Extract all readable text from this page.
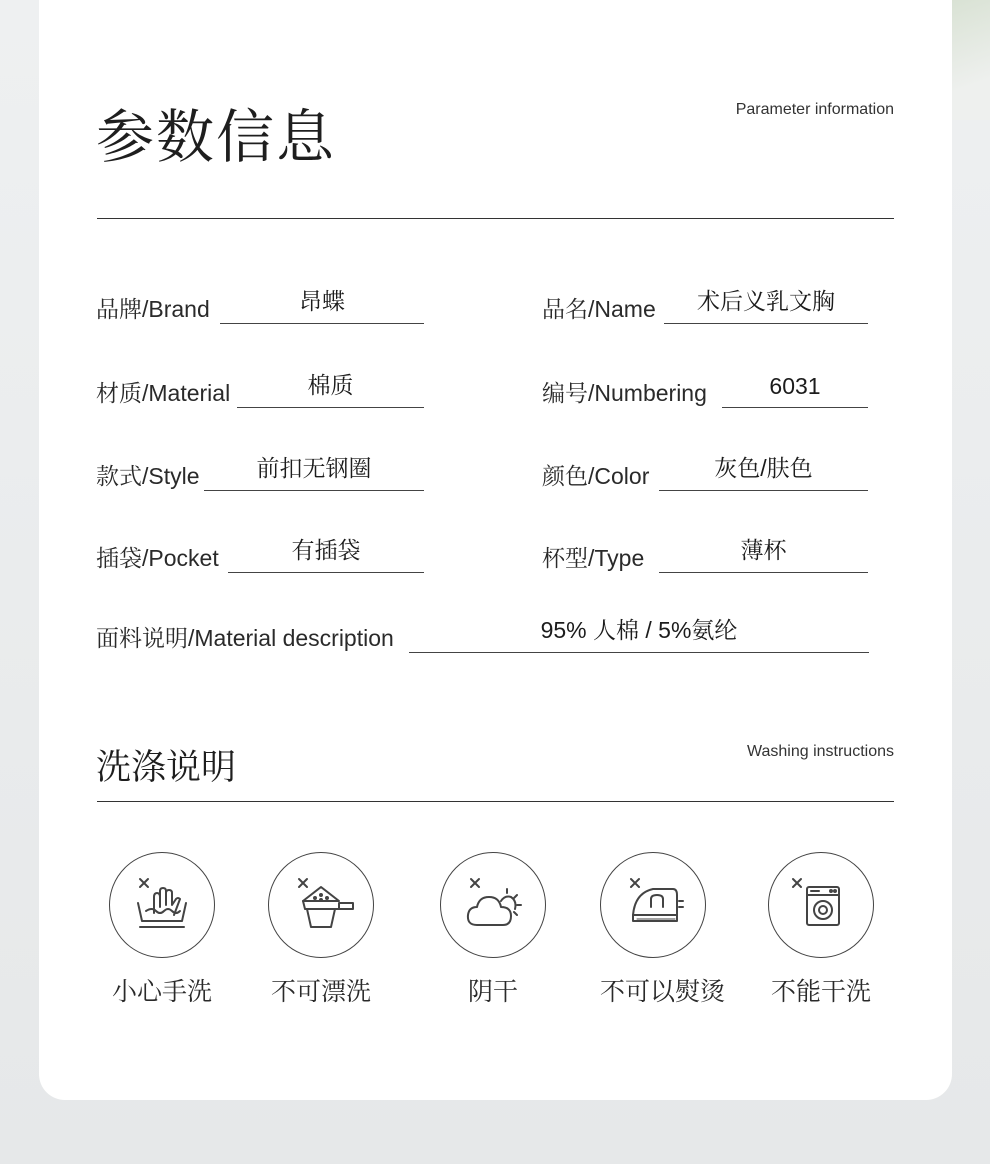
参数信息	Parameter information
品牌/Brand	昂蝶	品名/Name	术后义乳文胸
材质/Material	棉质	编号/Numbering	6031
款式/Style	前扣无钢圈	颜色/Color	灰色/肤色
插袋/Pocket	有插袋	杯型/Type	薄杯
面料说明/Material description	95% 人棉 / 5%氨纶
洗涤说明	Washing instructions
小心手洗 不可漂洗	阴干	不可以熨烫 不能干洗
